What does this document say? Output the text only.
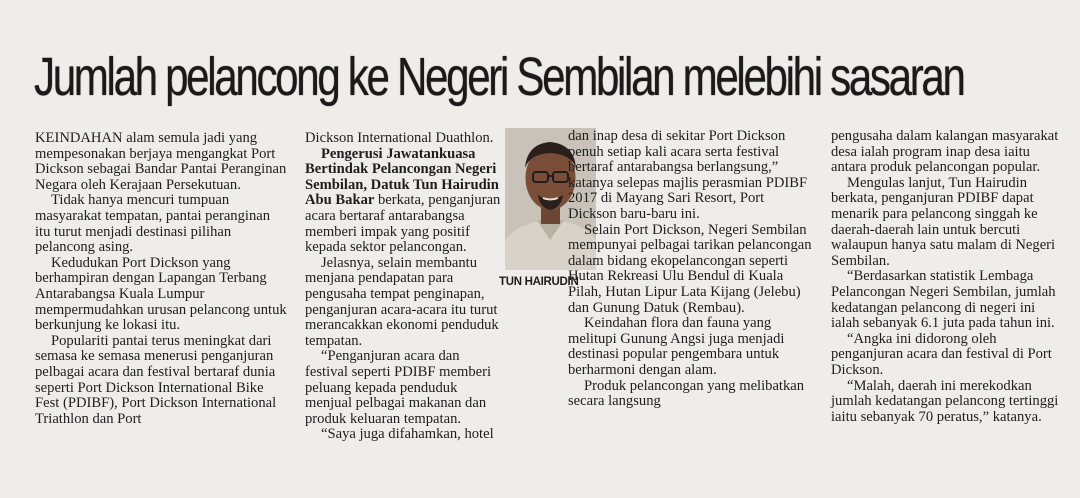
Jumlah pelancong ke Negeri Sembilan melebihi sasaran

KEINDAHAN alam semula jadi yang mempesonakan berjaya mengangkat Port Dickson sebagai Bandar Pantai Peranginan Negara oleh Kerajaan Persekutuan.

Tidak hanya mencuri tumpuan masyarakat tempatan, pantai peranginan itu turut menjadi destinasi pilihan pelancong asing.

Kedudukan Port Dickson yang berhampiran dengan Lapangan Terbang Antarabangsa Kuala Lumpur mempermudahkan urusan pelancong untuk berkunjung ke lokasi itu.

Populariti pantai terus meningkat dari semasa ke semasa menerusi penganjuran pelbagai acara dan festival bertaraf dunia seperti Port Dickson International Bike Fest (PDIBF), Port Dickson International Triathlon dan Port

Dickson International Duathlon.

Pengerusi Jawatankuasa Bertindak Pelancongan Negeri Sembilan, Datuk Tun Hairudin Abu Bakar berkata, penganjuran acara bertaraf antarabangsa memberi impak yang positif kepada sektor pelancongan.

Jelasnya, selain membantu menjana pendapatan para pengusaha tempat penginapan, penganjuran acara-acara itu turut merancakkan ekonomi penduduk tempatan.

“Penganjuran acara dan festival seperti PDIBF memberi peluang kepada penduduk menjual pelbagai makanan dan produk keluaran tempatan.

“Saya juga difahamkan, hotel

TUN HAIRUDIN

dan inap desa di sekitar Port Dickson penuh setiap kali acara serta festival bertaraf antarabangsa berlangsung,” katanya selepas majlis perasmian PDIBF 2017 di Mayang Sari Resort, Port Dickson baru-baru ini.

Selain Port Dickson, Negeri Sembilan mempunyai pelbagai tarikan pelancongan dalam bidang ekopelancongan seperti Hutan Rekreasi Ulu Bendul di Kuala Pilah, Hutan Lipur Lata Kijang (Jelebu) dan Gunung Datuk (Rembau).

Keindahan flora dan fauna yang melitupi Gunung Angsi juga menjadi destinasi popular pengembara untuk berharmoni dengan alam.

Produk pelancongan yang melibatkan secara langsung

pengusaha dalam kalangan masyarakat desa ialah program inap desa iaitu antara produk pelancongan popular.

Mengulas lanjut, Tun Hairudin berkata, penganjuran PDIBF dapat menarik para pelancong singgah ke daerah-daerah lain untuk bercuti walaupun hanya satu malam di Negeri Sembilan.

“Berdasarkan statistik Lembaga Pelancongan Negeri Sembilan, jumlah kedatangan pelancong di negeri ini ialah sebanyak 6.1 juta pada tahun ini.

“Angka ini didorong oleh penganjuran acara dan festival di Port Dickson.

“Malah, daerah ini merekodkan jumlah kedatangan pelancong tertinggi iaitu sebanyak 70 peratus,” katanya.
